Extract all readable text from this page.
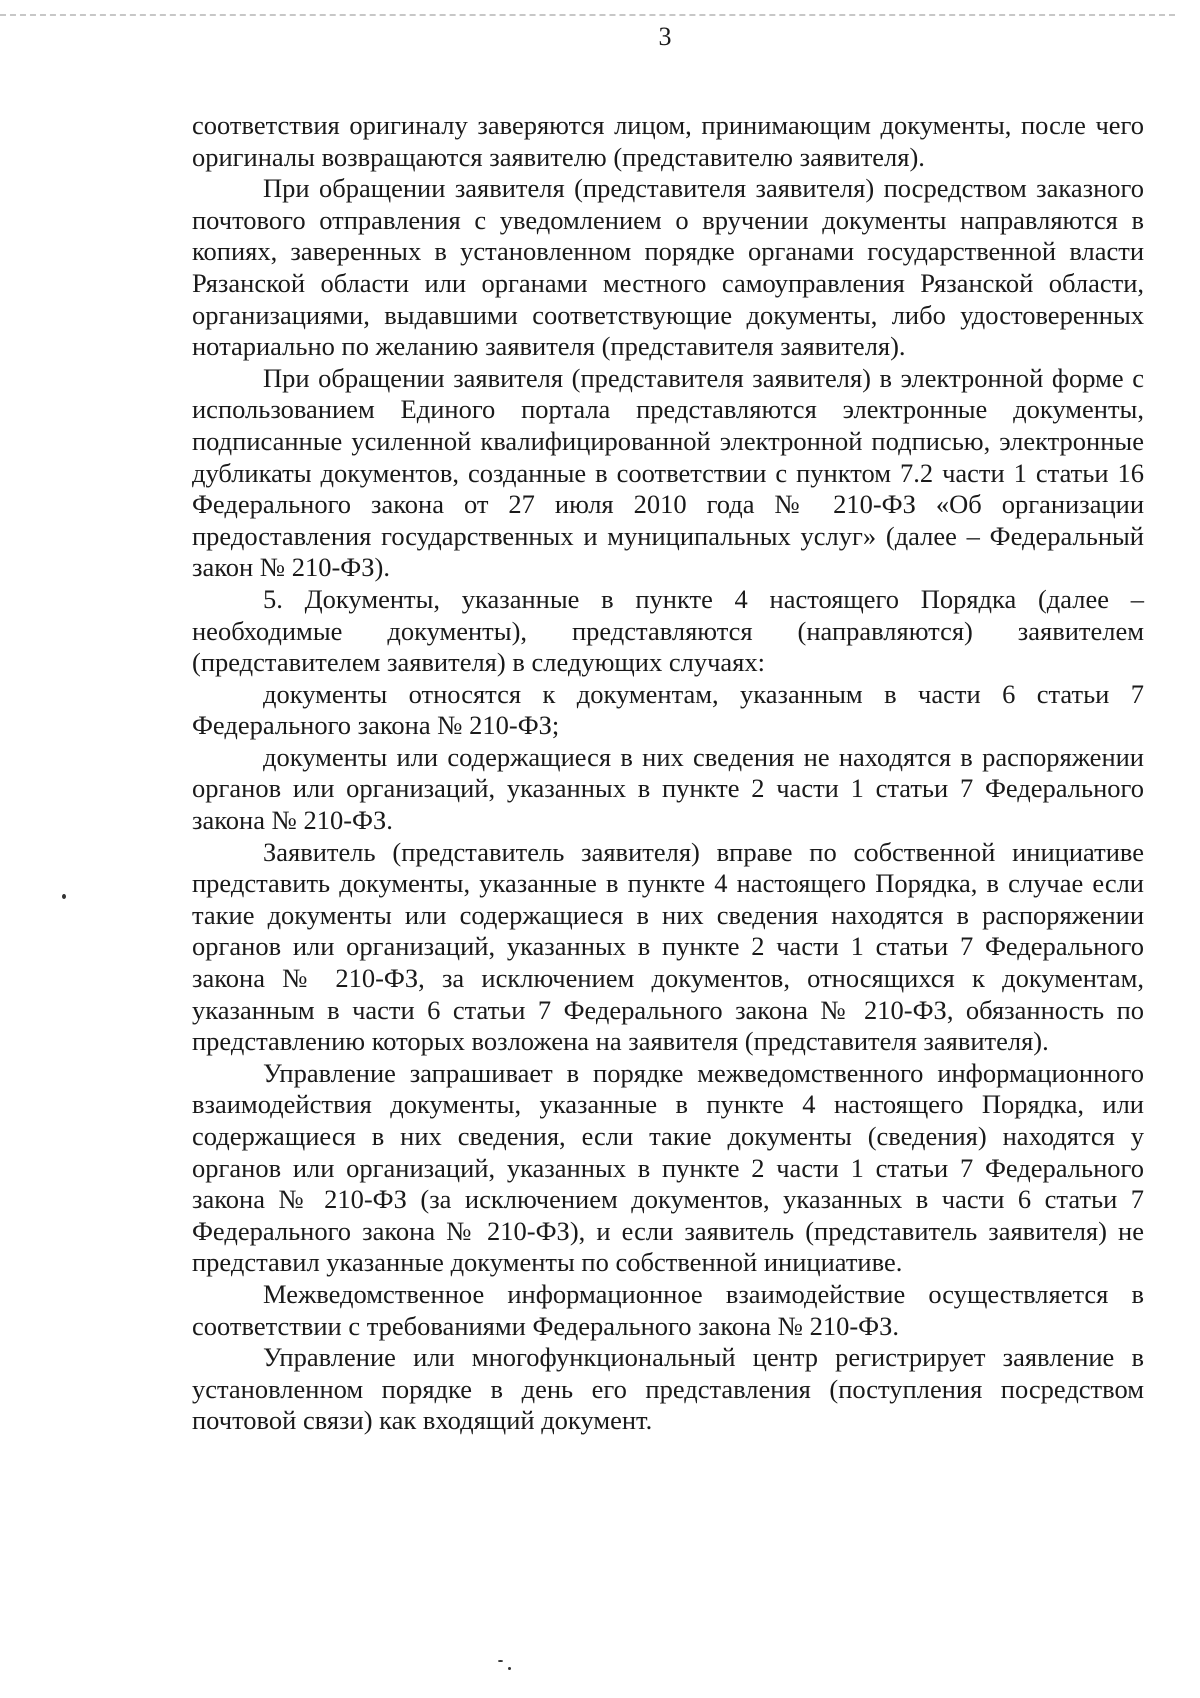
3

соответствия оригиналу заверяются лицом, принимающим документы, после чего оригиналы возвращаются заявителю (представителю заявителя).

При обращении заявителя (представителя заявителя) посредством заказного почтового отправления с уведомлением о вручении документы направляются в копиях, заверенных в установленном порядке органами государственной власти Рязанской области или органами местного самоуправления Рязанской области, организациями, выдавшими соответствующие документы, либо удостоверенных нотариально по желанию заявителя (представителя заявителя).

При обращении заявителя (представителя заявителя) в электронной форме с использованием Единого портала представляются электронные документы, подписанные усиленной квалифицированной электронной подписью, электронные дубликаты документов, созданные в соответствии с пунктом 7.2 части 1 статьи 16 Федерального закона от 27 июля 2010 года № 210-ФЗ «Об организации предоставления государственных и муниципальных услуг» (далее – Федеральный закон № 210-ФЗ).

5. Документы, указанные в пункте 4 настоящего Порядка (далее – необходимые документы), представляются (направляются) заявителем (представителем заявителя) в следующих случаях:

документы относятся к документам, указанным в части 6 статьи 7 Федерального закона № 210-ФЗ;

документы или содержащиеся в них сведения не находятся в распоряжении органов или организаций, указанных в пункте 2 части 1 статьи 7 Федерального закона № 210-ФЗ.

Заявитель (представитель заявителя) вправе по собственной инициативе представить документы, указанные в пункте 4 настоящего Порядка, в случае если такие документы или содержащиеся в них сведения находятся в распоряжении органов или организаций, указанных в пункте 2 части 1 статьи 7 Федерального закона № 210-ФЗ, за исключением документов, относящихся к документам, указанным в части 6 статьи 7 Федерального закона № 210-ФЗ, обязанность по представлению которых возложена на заявителя (представителя заявителя).

Управление запрашивает в порядке межведомственного информационного взаимодействия документы, указанные в пункте 4 настоящего Порядка, или содержащиеся в них сведения, если такие документы (сведения) находятся у органов или организаций, указанных в пункте 2 части 1 статьи 7 Федерального закона № 210-ФЗ (за исключением документов, указанных в части 6 статьи 7 Федерального закона № 210-ФЗ), и если заявитель (представитель заявителя) не представил указанные документы по собственной инициативе.

Межведомственное информационное взаимодействие осуществляется в соответствии с требованиями Федерального закона № 210-ФЗ.

Управление или многофункциональный центр регистрирует заявление в установленном порядке в день его представления (поступления посредством почтовой связи) как входящий документ.
